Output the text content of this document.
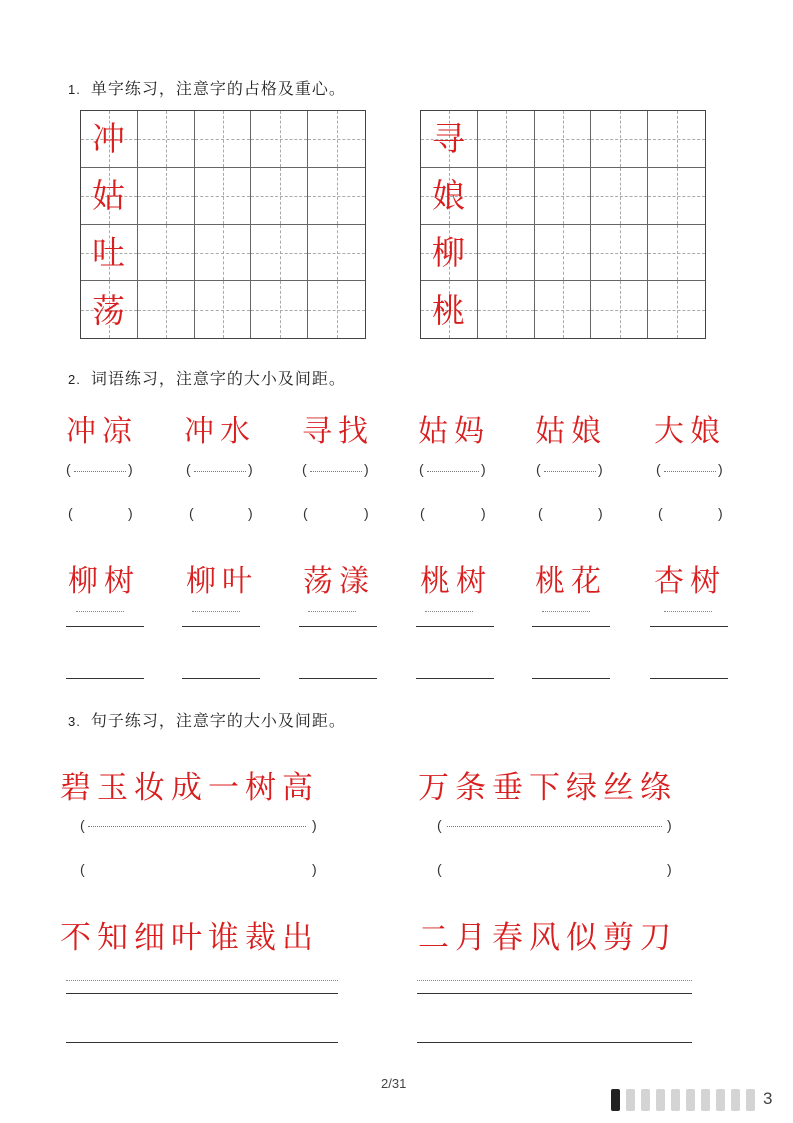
1. 单字练习，注意字的占格及重心。
冲
姑
吐
荡
寻
娘
柳
桃
2. 词语练习，注意字的大小及间距。
冲凉 冲水 寻找 姑妈 姑娘 大娘
(	)	(	)	(	)	(	)	(	)	(	)
(	)	(	)	(	)	(	)	(	)	(	)
柳树 柳叶 荡漾 桃树 桃花 杏树
3. 句子练习，注意字的大小及间距。
碧玉妆成一树高	万条垂下绿丝绦
(	)	(	)
(	)	(	)
不知细叶谁裁出	二月春风似剪刀
2/31
3
